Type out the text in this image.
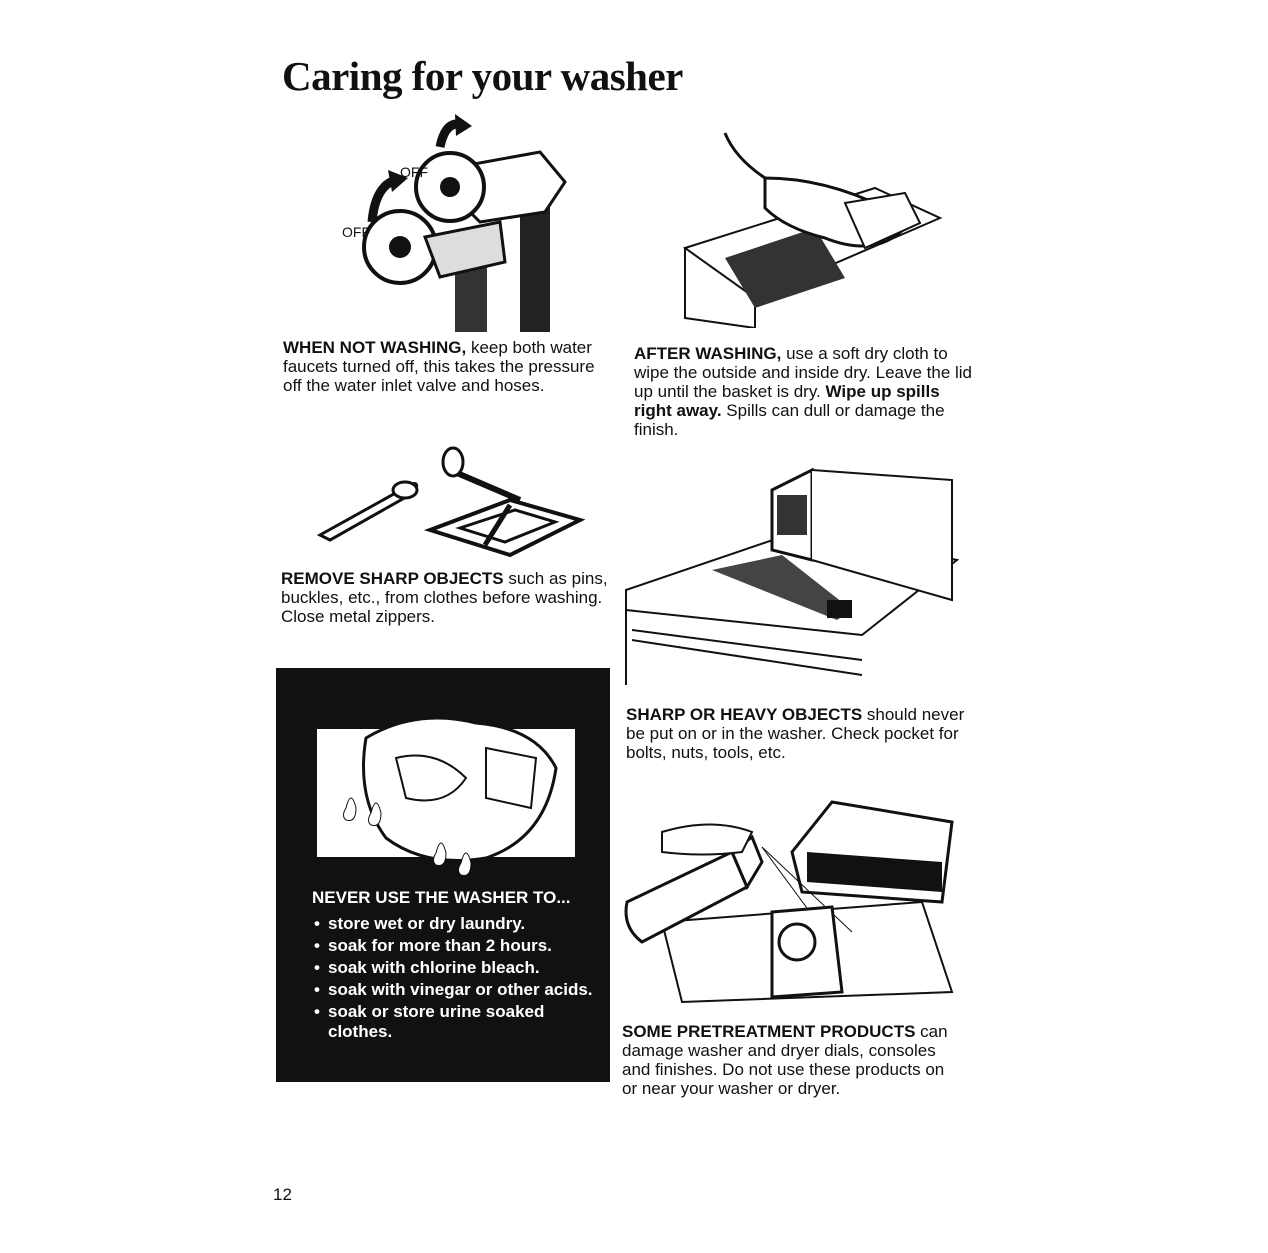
Caring for your washer
OFF
OFF

WHEN NOT WASHING, keep both water faucets turned off, this takes the pressure off the water inlet valve and hoses.

AFTER WASHING, use a soft dry cloth to wipe the outside and inside dry. Leave the lid up until the basket is dry. Wipe up spills right away. Spills can dull or damage the finish.

REMOVE SHARP OBJECTS such as pins, buckles, etc., from clothes before washing. Close metal zippers.

SHARP OR HEAVY OBJECTS should never be put on or in the washer. Check pocket for bolts, nuts, tools, etc.

NEVER USE THE WASHER TO...

• store wet or dry laundry.
• soak for more than 2 hours.
• soak with chlorine bleach.
• soak with vinegar or other acids.
• soak or store urine soaked clothes.	SOME PRETREATMENT PRODUCTS can damage washer and dryer dials, consoles and finishes. Do not use these products on or near your washer or dryer.

12
